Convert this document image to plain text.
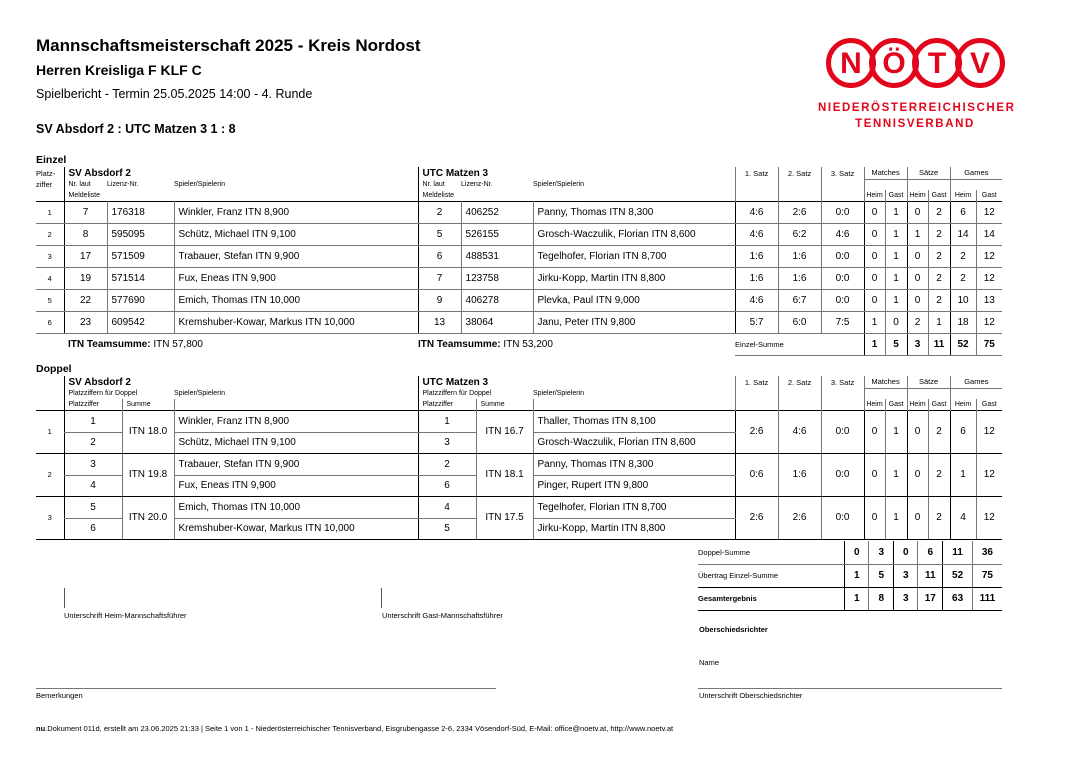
Mannschaftsmeisterschaft 2025 - Kreis Nordost
Herren Kreisliga F KLF C
Spielbericht - Termin 25.05.2025 14:00 - 4. Runde
SV Absdorf 2 : UTC Matzen 3 1 : 8
N Ö T V
NIEDERÖSTERREICHISCHER
TENNISVERBAND
Einzel
Platz-	SV Absdorf 2			UTC Matzen 3			1. Satz	2. Satz	3. Satz	Matches		Sätze		Games	
ziffer	Nr. laut	Lizenz-Nr.	Spieler/Spielerin	Nr. laut	Lizenz-Nr.	Spieler/Spielerin									
	Meldeliste			Meldeliste						Heim	Gast	Heim	Gast	Heim	Gast
1	7	176318	Winkler, Franz ITN 8,900	2	406252	Panny, Thomas ITN 8,300	4:6	2:6	0:0	0	1	0	2	6	12
2	8	595095	Schütz, Michael ITN 9,100	5	526155	Grosch-Waczulik, Florian ITN 8,600	4:6	6:2	4:6	0	1	1	2	14	14
3	17	571509	Trabauer, Stefan ITN 9,900	6	488531	Tegelhofer, Florian ITN 8,700	1:6	1:6	0:0	0	1	0	2	2	12
4	19	571514	Fux, Eneas ITN 9,900	7	123758	Jirku-Kopp, Martin ITN 8,800	1:6	1:6	0:0	0	1	0	2	2	12
5	22	577690	Emich, Thomas ITN 10,000	9	406278	Plevka, Paul ITN 9,000	4:6	6:7	0:0	0	1	0	2	10	13
6	23	609542	Kremshuber-Kowar, Markus ITN 10,000	13	38064	Janu, Peter ITN 9,800	5:7	6:0	7:5	1	0	2	1	18	12
	ITN Teamsumme: ITN 57,800			ITN Teamsumme: ITN 53,200			Einzel-Summe			1	5	3	11	52	75
Doppel
	SV Absdorf 2			UTC Matzen 3			1. Satz	2. Satz	3. Satz	Matches		Sätze		Games	
	Platzziffern für Doppel		Spieler/Spielerin	Platzziffern für Doppel		Spieler/Spielerin									
	Platzziffer	Summe		Platzziffer	Summe					Heim	Gast	Heim	Gast	Heim	Gast
1	1	ITN 18.0	Winkler, Franz ITN 8,900	1	ITN 16.7	Thaller, Thomas ITN 8,100	2:6	4:6	0:0	0	1	0	2	6	12
	2		Schütz, Michael ITN 9,100	3		Grosch-Waczulik, Florian ITN 8,600									
2	3	ITN 19.8	Trabauer, Stefan ITN 9,900	2	ITN 18.1	Panny, Thomas ITN 8,300	0:6	1:6	0:0	0	1	0	2	1	12
	4		Fux, Eneas ITN 9,900	6		Pinger, Rupert ITN 9,800									
3	5	ITN 20.0	Emich, Thomas ITN 10,000	4	ITN 17.5	Tegelhofer, Florian ITN 8,700	2:6	2:6	0:0	0	1	0	2	4	12
	6		Kremshuber-Kowar, Markus ITN 10,000	5		Jirku-Kopp, Martin ITN 8,800									
Doppel-Summe	0	3	0	6	11	36
Übertrag Einzel-Summe	1	5	3	11	52	75
Gesamtergebnis	1	8	3	17	63	111
Unterschrift Heim-Mannschaftsführer	Unterschrift Gast-Mannschaftsführer
Oberschiedsrichter
Name
Bemerkungen	Unterschrift Oberschiedsrichter
nu.Dokument 011d, erstellt am 23.06.2025 21:33 | Seite 1 von 1 - Niederösterreichischer Tennisverband, Eisgrubengasse 2-6, 2334 Vösendorf-Süd, E-Mail: office@noetv.at, http://www.noetv.at
